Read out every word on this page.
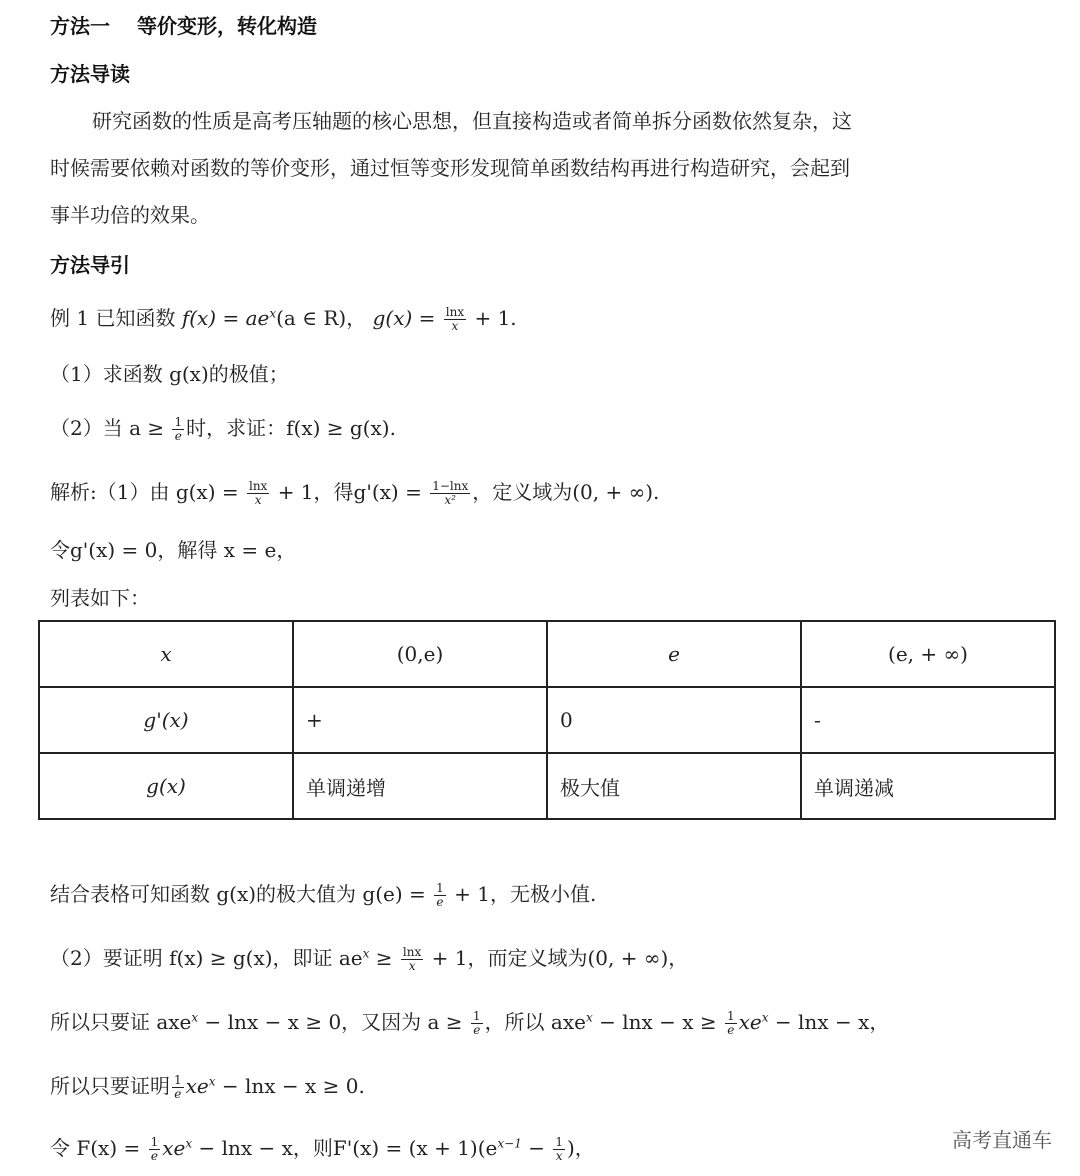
方法一　 等价变形，转化构造
方法导读
研究函数的性质是高考压轴题的核心思想，但直接构造或者简单拆分函数依然复杂，这
时候需要依赖对函数的等价变形，通过恒等变形发现简单函数结构再进行构造研究，会起到
事半功倍的效果。
方法导引
例 1 已知函数 $f(x) = ae^x(a$ ∈ R)， $g(x) = \frac{\ln x}{x} + 1$.
（1）求函数 g(x)的极值；
（2）当 $a \ge \frac{1}{e}$ 时，求证：f(x) ≥ g(x).
解析:（1）由 $g(x) = \frac{\ln x}{x} + 1$，得$g'(x) = \frac{1-\ln x}{\text{x²}}$ ，定义域为(0, + ∞).
令g'(x) = 0，解得 x = e，
列表如下：
x	(0,e)	e	(e, + ∞)
g'(x)	+	0	-
g(x)	单调递增	极大值	单调递减
结合表格可知函数 g(x)的极大值为 $g(e) = \frac{1}{e} + 1$，无极小值.
（2）要证明 f(x) ≥ g(x)，即证 $ae^x \ge \frac{\ln x}{x} + 1$，而定义域为(0, + ∞)，
所以只要证 axe$^x$ − lnx − x ≥ 0，又因为 $a \ge \frac{1}{e}$ ，所以 $axe^x - \ln x - x \ge \frac{1}{e} xe^x - \ln x - x$，
所以只要证明 $\frac{1}{e} xe^x - \ln x - x \ge 0$.
令 $F(x) = \frac{1}{e} xe^x - \ln x - x$，则$F'(x) = (x + 1)(e^{x-1} - \frac{1}{x}$ )，	高考直通车
